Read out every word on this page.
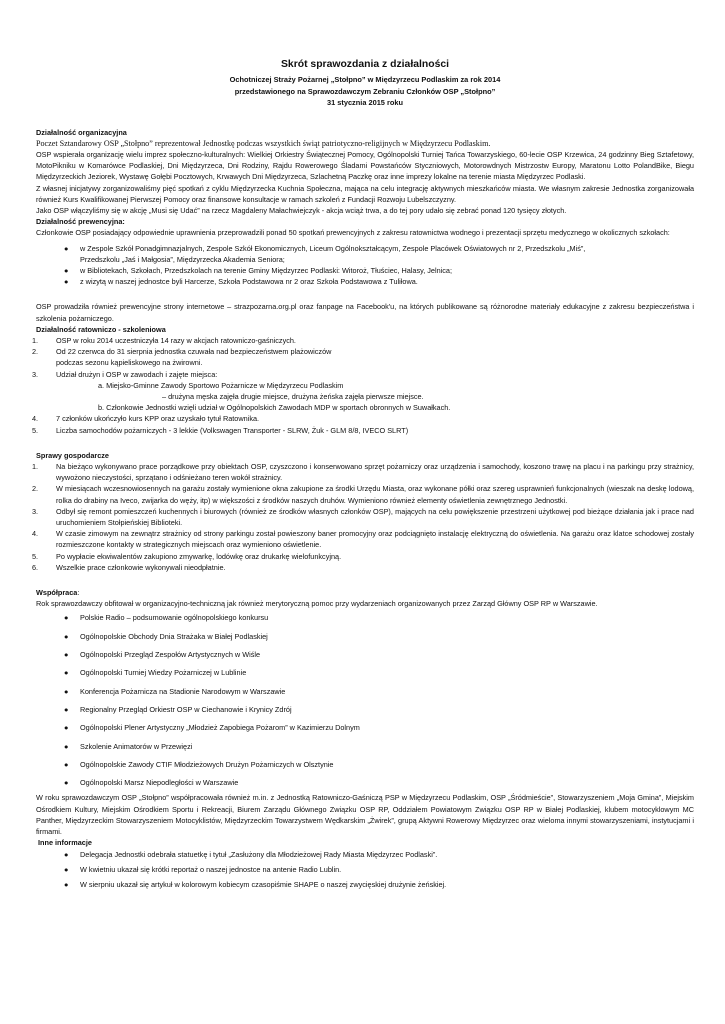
Skrót sprawozdania z działalności
Ochotniczej Straży Pożarnej „Stołpno” w Międzyrzecu Podlaskim za rok 2014
przedstawionego na Sprawozdawczym Zebraniu Członków OSP „Stołpno”
31 stycznia 2015 roku
Działalność organizacyjna
Poczet Sztandarowy OSP „Stołpno” reprezentował Jednostkę podczas wszystkich świąt patriotyczno-religijnych w Międzyrzecu Podlaskim.
OSP wspierała organizację wielu imprez społeczno-kulturalnych: Wielkiej Orkiestry Świątecznej Pomocy, Ogólnopolski Turniej Tańca Towarzyskiego, 60-lecie OSP Krzewica, 24 godzinny Bieg Sztafetowy, MotoPikniku w Komarówce Podlaskiej, Dni Międzyrzeca, Dni Rodziny, Rajdu Rowerowego Śladami Powstańców Styczniowych, Motorowdnych Mistrzostw Europy, Maratonu Lotto PolandBike, Biegu Międzyrzeckich Jeziorek, Wystawę Gołębi Pocztowych, Krwawych Dni Międzyrzeca, Szlachetną Paczkę oraz inne imprezy lokalne na terenie miasta Międzyrzec Podlaski.
Z własnej inicjatywy zorganizowaliśmy pięć spotkań z cyklu Międzyrzecka Kuchnia Społeczna, mająca na celu integrację aktywnych mieszkańców miasta. We własnym zakresie Jednostka zorganizowała również Kurs Kwalifikowanej Pierwszej Pomocy oraz finansowe konsultacje w ramach szkoleń z Fundacji Rozwoju Lubelszczyzny.
Jako OSP włączyliśmy się w akcję „Musi się Udać” na rzecz Magdaleny Małachwiejczyk - akcja wciąż trwa, a do tej pory udało się zebrać ponad 120 tysięcy złotych.
Działalność prewencyjna:
Członkowie OSP posiadający odpowiednie uprawnienia przeprowadzili ponad 50 spotkań prewencyjnych z zakresu ratownictwa wodnego i prezentacji sprzętu medycznego w okolicznych szkołach:
● w Zespole Szkół Ponadgimnazjalnych, Zespole Szkół Ekonomicznych, Liceum Ogólnokształcącym, Zespole Placówek Oświatowych nr 2, Przedszkolu „Miś”,
Przedszkolu „Jaś i Małgosia”, Międzyrzecka Akademia Seniora;
● w Bibliotekach, Szkołach, Przedszkolach na terenie Gminy Międzyrzec Podlaski: Witoroż, Tłuściec, Halasy, Jelnica;
● z wizytą w naszej jednostce byli Harcerze, Szkoła Podstawowa nr 2 oraz Szkoła Podstawowa z Tuliłowa.
OSP prowadziła również prewencyjne strony internetowe – strazpozarna.org.pl oraz fanpage na Facebook'u, na których publikowane są różnorodne materiały edukacyjne z zakresu bezpieczeństwa i szkolenia pożarniczego.
Działalność ratowniczo - szkoleniowa
1. OSP w roku 2014 uczestniczyła 14 razy w akcjach ratowniczo-gaśniczych.
2. Od 22 czerwca do 31 sierpnia jednostka czuwała nad bezpieczeństwem plażowiczów
podczas sezonu kąpieliskowego na żwirowni.
3. Udział drużyn i OSP w zawodach i zajęte miejsca:
a. Miejsko-Gminne Zawody Sportowo Pożarnicze w Międzyrzecu Podlaskim
– drużyna męska zajęła drugie miejsce, drużyna żeńska zajęła pierwsze miejsce.
b. Członkowie Jednostki wzięli udział w Ogólnopolskich Zawodach MDP w sportach obronnych w Suwałkach.
4. 7 członków ukończyło kurs KPP oraz uzyskało tytuł Ratownika.
5. Liczba samochodów pożarniczych - 3 lekkie (Volkswagen Transporter - SLRW, Żuk - GLM 8/8, IVECO SLRT)
Sprawy gospodarcze
1. Na bieżąco wykonywano prace porządkowe przy obiektach OSP, czyszczono i konserwowano sprzęt pożarniczy oraz urządzenia i samochody, koszono trawę na placu i na parkingu przy strażnicy, wywożono nieczystości, sprzątano i odśnieżano teren wokół strażnicy.
2. W miesiącach wczesnowiosennych na garażu zostały wymienione okna zakupione za środki Urzędu Miasta, oraz wykonane półki oraz szereg usprawnień funkcjonalnych (wieszak na deskę lodową, rolka do drabiny na Iveco, zwijarka do węży, itp) w większości z środków naszych druhów. Wymieniono również elementy oświetlenia zewnętrznego Jednostki.
3. Odbył się remont pomieszczeń kuchennych i biurowych (również ze środków własnych członków OSP), mających na celu powiększenie przestrzeni użytkowej pod bieżące działania jak i prace nad uruchomieniem Stołpieńskiej Biblioteki.
4. W czasie zimowym na zewnątrz strażnicy od strony parkingu został powieszony baner promocyjny oraz podciągnięto instalację elektryczną do oświetlenia. Na garażu oraz klatce schodowej zostały rozmieszczone kontakty w strategicznych miejscach oraz wymieniono oświetlenie.
5. Po wypłacie ekwiwalentów zakupiono zmywarkę, lodówkę oraz drukarkę wielofunkcyjną.
6. Wszelkie prace członkowie wykonywali nieodpłatnie.
Współpraca:
Rok sprawozdawczy obfitował w organizacyjno-techniczną jak również merytoryczną pomoc przy wydarzeniach organizowanych przez Zarząd Główny OSP RP w Warszawie.
● Polskie Radio – podsumowanie ogólnopolskiego konkursu
● Ogólnopolskie Obchody Dnia Strażaka w Białej Podlaskiej
● Ogólnopolski Przegląd Zespołów Artystycznych w Wiśle
● Ogólnopolski Turniej Wiedzy Pożarniczej w Lublinie
● Konferencja Pożarnicza na Stadionie Narodowym w Warszawie
● Regionalny Przegląd Orkiestr OSP w Ciechanowie i Krynicy Zdrój
● Ogólnopolski Plener Artystyczny „Młodzież Zapobiega Pożarom” w Kazimierzu Dolnym
● Szkolenie Animatorów w Przewięzi
● Ogólnopolskie Zawody CTIF Młodzieżowych Drużyn Pożarniczych w Olsztynie
● Ogólnopolski Marsz Niepodległości w Warszawie
W roku sprawozdawczym OSP „Stołpno” współpracowała również m.in. z Jednostką Ratowniczo-Gaśniczą PSP w Międzyrzecu Podlaskim, OSP „Śródmieście”, Stowarzyszeniem „Moja Gmina”, Miejskim Ośrodkiem Kultury, Miejskim Ośrodkiem Sportu i Rekreacji, Biurem Zarządu Głównego Związku OSP RP, Oddziałem Powiatowym Związku OSP RP w Białej Podlaskiej, klubem motocyklowym MC Panther, Międzyrzeckim Stowarzyszeniem Motocyklistów, Międzyrzeckim Towarzystwem Wędkarskim „Żwirek”, grupą Aktywni Rowerowy Międzyrzec oraz wieloma innymi stowarzyszeniami, instytucjami i firmami.
Inne informacje
● Delegacja Jednostki odebrała statuetkę i tytuł „Zasłużony dla Młodzieżowej Rady Miasta Międzyrzec Podlaski”.
● W kwietniu ukazał się krótki reportaż o naszej jednostce na antenie Radio Lublin.
● W sierpniu ukazał się artykuł w kolorowym kobiecym czasopiśmie SHAPE o naszej zwycięskiej drużynie żeńskiej.
